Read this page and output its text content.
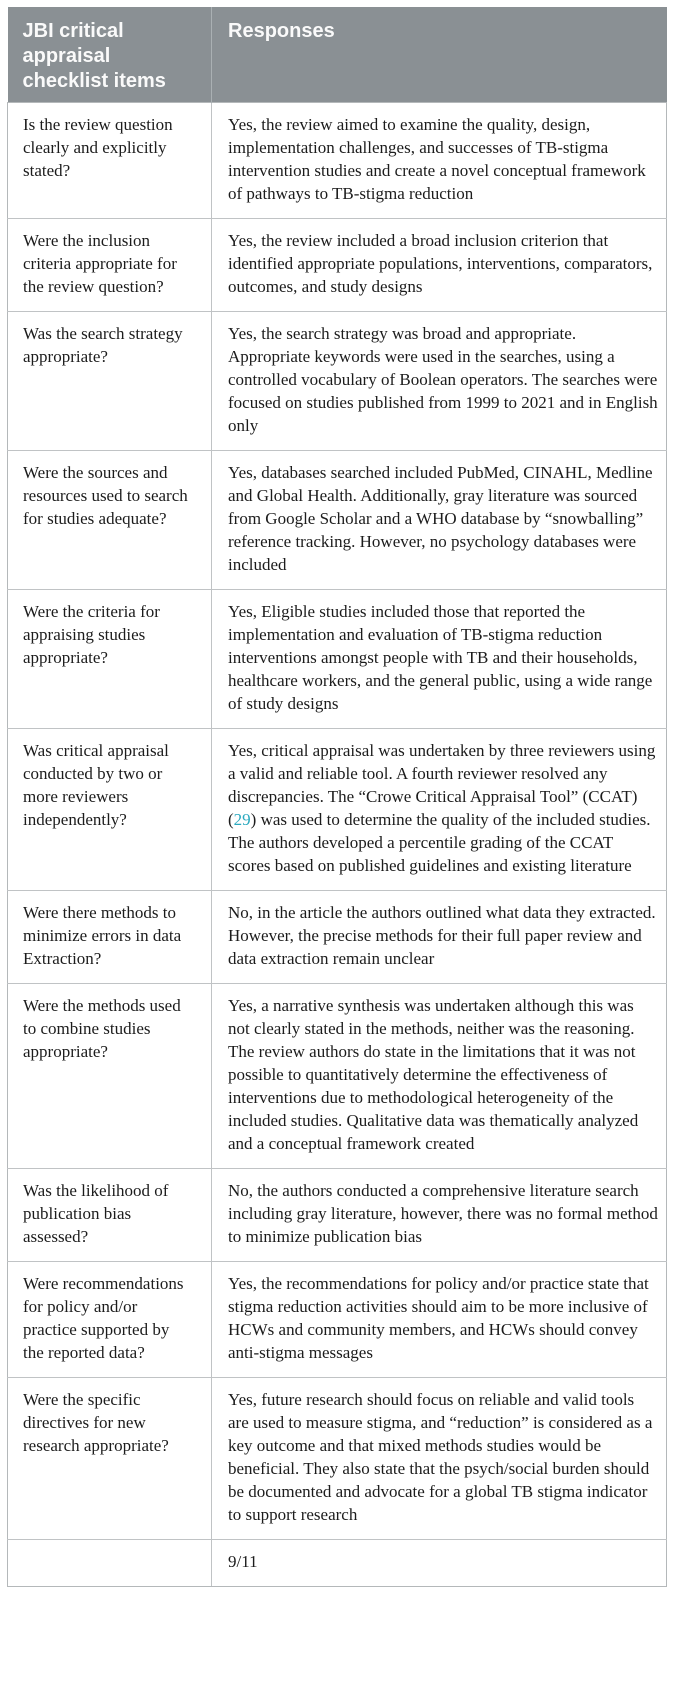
JBI critical appraisal checklist items	Responses
Is the review question clearly and explicitly stated?	Yes, the review aimed to examine the quality, design, implementation challenges, and successes of TB-stigma intervention studies and create a novel conceptual framework of pathways to TB-stigma reduction
Were the inclusion criteria appropriate for the review question?	Yes, the review included a broad inclusion criterion that identified appropriate populations, interventions, comparators, outcomes, and study designs
Was the search strategy appropriate?	Yes, the search strategy was broad and appropriate. Appropriate keywords were used in the searches, using a controlled vocabulary of Boolean operators. The searches were focused on studies published from 1999 to 2021 and in English only
Were the sources and resources used to search for studies adequate?	Yes, databases searched included PubMed, CINAHL, Medline and Global Health. Additionally, gray literature was sourced from Google Scholar and a WHO database by “snowballing” reference tracking. However, no psychology databases were included
Were the criteria for appraising studies appropriate?	Yes, Eligible studies included those that reported the implementation and evaluation of TB-stigma reduction interventions amongst people with TB and their households, healthcare workers, and the general public, using a wide range of study designs
Was critical appraisal conducted by two or more reviewers independently?	Yes, critical appraisal was undertaken by three reviewers using a valid and reliable tool. A fourth reviewer resolved any discrepancies. The “Crowe Critical Appraisal Tool” (CCAT) (29) was used to determine the quality of the included studies. The authors developed a percentile grading of the CCAT scores based on published guidelines and existing literature
Were there methods to minimize errors in data Extraction?	No, in the article the authors outlined what data they extracted. However, the precise methods for their full paper review and data extraction remain unclear
Were the methods used to combine studies appropriate?	Yes, a narrative synthesis was undertaken although this was not clearly stated in the methods, neither was the reasoning. The review authors do state in the limitations that it was not possible to quantitatively determine the effectiveness of interventions due to methodological heterogeneity of the included studies. Qualitative data was thematically analyzed and a conceptual framework created
Was the likelihood of publication bias assessed?	No, the authors conducted a comprehensive literature search including gray literature, however, there was no formal method to minimize publication bias
Were recommendations for policy and/or practice supported by the reported data?	Yes, the recommendations for policy and/or practice state that stigma reduction activities should aim to be more inclusive of HCWs and community members, and HCWs should convey anti-stigma messages
Were the specific directives for new research appropriate?	Yes, future research should focus on reliable and valid tools are used to measure stigma, and “reduction” is considered as a key outcome and that mixed methods studies would be beneficial. They also state that the psych/social burden should be documented and advocate for a global TB stigma indicator to support research
	9/11
